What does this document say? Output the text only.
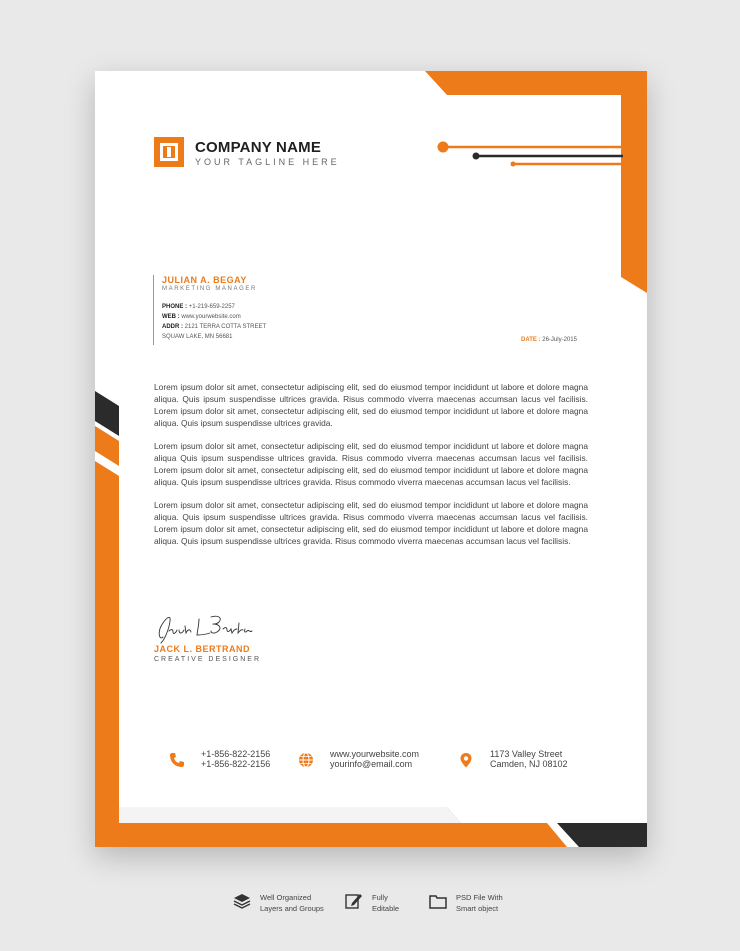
COMPANY NAME
YOUR TAGLINE HERE
JULIAN A. BEGAY
MARKETING MANAGER
PHONE : +1-219-659-2257
WEB : www.yourwebsite.com
ADDR : 2121 TERRA COTTA STREET
SQUAW LAKE, MN 56681	DATE : 26-July-2015

Lorem ipsum dolor sit amet, consectetur adipiscing elit, sed do eiusmod tempor incididunt ut labore et dolore magna aliqua. Quis ipsum suspendisse ultrices gravida. Risus commodo viverra maecenas accumsan lacus vel facilisis. Lorem ipsum dolor sit amet, consectetur adipiscing elit, sed do eiusmod tempor incididunt ut labore et dolore magna aliqua. Quis ipsum suspendisse ultrices gravida.

Lorem ipsum dolor sit amet, consectetur adipiscing elit, sed do eiusmod tempor incididunt ut labore et dolore magna aliqua Quis ipsum suspendisse ultrices gravida. Risus commodo viverra maecenas accumsan lacus vel facilisis. Lorem ipsum dolor sit amet, consectetur adipiscing elit, sed do eiusmod tempor incididunt ut labore et dolore magna aliqua. Quis ipsum suspendisse ultrices gravida. Risus commodo viverra maecenas accumsan lacus vel facilisis.

Lorem ipsum dolor sit amet, consectetur adipiscing elit, sed do eiusmod tempor incididunt ut labore et dolore magna aliqua. Quis ipsum suspendisse ultrices gravida. Risus commodo viverra maecenas accumsan lacus vel facilisis. Lorem ipsum dolor sit amet, consectetur adipiscing elit, sed do eiusmod tempor incididunt ut labore et dolore magna aliqua. Quis ipsum suspendisse ultrices gravida. Risus commodo viverra maecenas accumsan lacus vel facilisis.

JACK L. BERTRAND
CREATIVE DESIGNER
+1-856-822-2156
+1-856-822-2156
www.yourwebsite.com
yourinfo@email.com
1173 Valley Street
Camden, NJ 08102
Well Organized
Layers and Groups
Fully
Editable
PSD File With
Smart object
